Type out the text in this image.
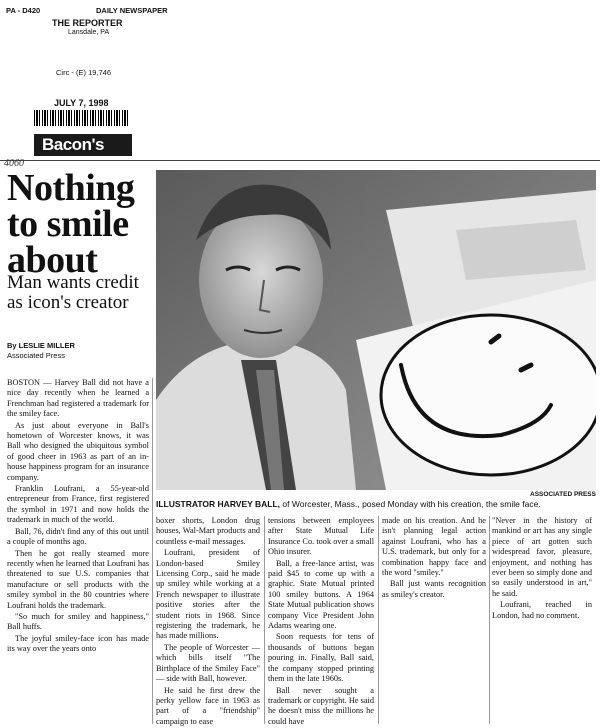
PA - D420	DAILY NEWSPAPER
THE REPORTER
Lansdale, PA
Circ - (E) 19,746
JULY 7, 1998
Bacon's
4060
Nothing to smile about
Man wants credit as icon's creator
By LESLIE MILLER
Associated Press
ASSOCIATED PRESS

ILLUSTRATOR HARVEY BALL, of Worcester, Mass., posed Monday with his creation, the smile face.

BOSTON — Harvey Ball did not have a nice day recently when he learned a Frenchman had registered a trademark for the smiley face.

As just about everyone in Ball's hometown of Worcester knows, it was Ball who designed the ubiquitous symbol of good cheer in 1963 as part of an in-house happiness program for an insurance company.

Franklin Loufrani, a 55-year-old entrepreneur from France, first registered the symbol in 1971 and now holds the trademark in much of the world.

Ball, 76, didn't find any of this out until a couple of months ago.

Then he got really steamed more recently when he learned that Loufrani has threatened to sue U.S. companies that manufacture or sell products with the smiley symbol in the 80 countries where Loufrani holds the trademark.

"So much for smiley and happiness," Ball huffs.

The joyful smiley-face icon has made its way over the years onto

boxer shorts, London drug houses, Wal-Mart products and countless e-mail messages.

Loufrani, president of London-based Smiley Licensing Corp., said he made up smiley while working at a French newspaper to illustrate positive stories after the student riots in 1968. Since registering the trademark, he has made millions.

The people of Worcester — which bills itself "The Birthplace of the Smiley Face" — side with Ball, however.

He said he first drew the perky yellow face in 1963 as part of a "friendship" campaign to ease

tensions between employees after State Mutual Life Insurance Co. took over a small Ohio insurer.

Ball, a free-lance artist, was paid $45 to come up with a graphic. State Mutual printed 100 smiley buttons. A 1964 State Mutual publication shows company Vice President John Adams wearing one.

Soon requests for tens of thousands of buttons began pouring in. Finally, Ball said, the company stopped printing them in the late 1960s.

Ball never sought a trademark or copyright. He said he doesn't miss the millions he could have

made on his creation. And he isn't planning legal action against Loufrani, who has a U.S. trademark, but only for a combination happy face and the word "smiley."

Ball just wants recognition as smiley's creator.

"Never in the history of mankind or art has any single piece of art gotten such widespread favor, pleasure, enjoyment, and nothing has ever been so simply done and so easily understood in art," he said.

Loufrani, reached in London, had no comment.
